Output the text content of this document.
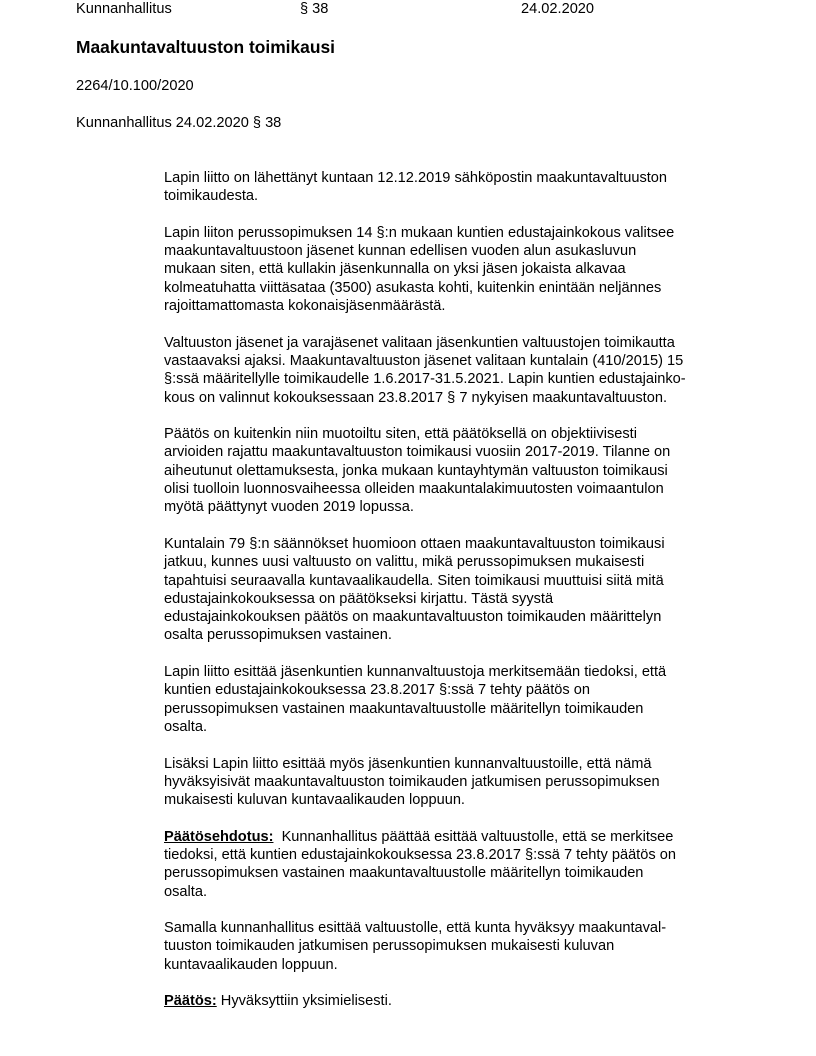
Kunnanhallitus	§ 38	24.02.2020
Maakuntavaltuuston toimikausi
2264/10.100/2020
Kunnanhallitus 24.02.2020 § 38

Lapin liitto on lähettänyt kuntaan 12.12.2019 sähköpostin maakuntavaltuuston
toimikaudesta.

Lapin liiton perussopimuksen 14 §:n mukaan kuntien edustajainkokous valitsee
maakuntavaltuustoon jäsenet kunnan edellisen vuoden alun asukasluvun
mukaan siten, että kullakin jäsenkunnalla on yksi jäsen jokaista alkavaa
kolmeatuhatta viittäsataa (3500) asukasta kohti, kuitenkin enintään neljännes
rajoittamattomasta kokonaisjäsenmäärästä.

Valtuuston jäsenet ja varajäsenet valitaan jäsenkuntien valtuustojen toimikautta
vastaavaksi ajaksi. Maakuntavaltuuston jäsenet valitaan kuntalain (410/2015) 15
§:ssä määritellylle toimikaudelle 1.6.2017-31.5.2021. Lapin kuntien edustajainko-
kous on valinnut kokouksessaan 23.8.2017 § 7 nykyisen maakuntavaltuuston.

Päätös on kuitenkin niin muotoiltu siten, että päätöksellä on objektiivisesti
arvioiden rajattu maakuntavaltuuston toimikausi vuosiin 2017-2019. Tilanne on
aiheutunut olettamuksesta, jonka mukaan kuntayhtymän valtuuston toimikausi
olisi tuolloin luonnosvaiheessa olleiden maakuntalakimuutosten voimaantulon
myötä päättynyt vuoden 2019 lopussa.

Kuntalain 79 §:n säännökset huomioon ottaen maakuntavaltuuston toimikausi
jatkuu, kunnes uusi valtuusto on valittu, mikä perussopimuksen mukaisesti
tapahtuisi seuraavalla kuntavaalikaudella. Siten toimikausi muuttuisi siitä mitä
edustajainkokouksessa on päätökseksi kirjattu. Tästä syystä
edustajainkokouksen päätös on maakuntavaltuuston toimikauden määrittelyn
osalta perussopimuksen vastainen.

Lapin liitto esittää jäsenkuntien kunnanvaltuustoja merkitsemään tiedoksi, että
kuntien edustajainkokouksessa 23.8.2017 §:ssä 7 tehty päätös on
perussopimuksen vastainen maakuntavaltuustolle määritellyn toimikauden
osalta.

Lisäksi Lapin liitto esittää myös jäsenkuntien kunnanvaltuustoille, että nämä
hyväksyisivät maakuntavaltuuston toimikauden jatkumisen perussopimuksen
mukaisesti kuluvan kuntavaalikauden loppuun.

Päätösehdotus:  Kunnanhallitus päättää esittää valtuustolle, että se merkitsee
tiedoksi, että kuntien edustajainkokouksessa 23.8.2017 §:ssä 7 tehty päätös on
perussopimuksen vastainen maakuntavaltuustolle määritellyn toimikauden
osalta.

Samalla kunnanhallitus esittää valtuustolle, että kunta hyväksyy maakuntaval-
tuuston toimikauden jatkumisen perussopimuksen mukaisesti kuluvan
kuntavaalikauden loppuun.

Päätös: Hyväksyttiin yksimielisesti.
